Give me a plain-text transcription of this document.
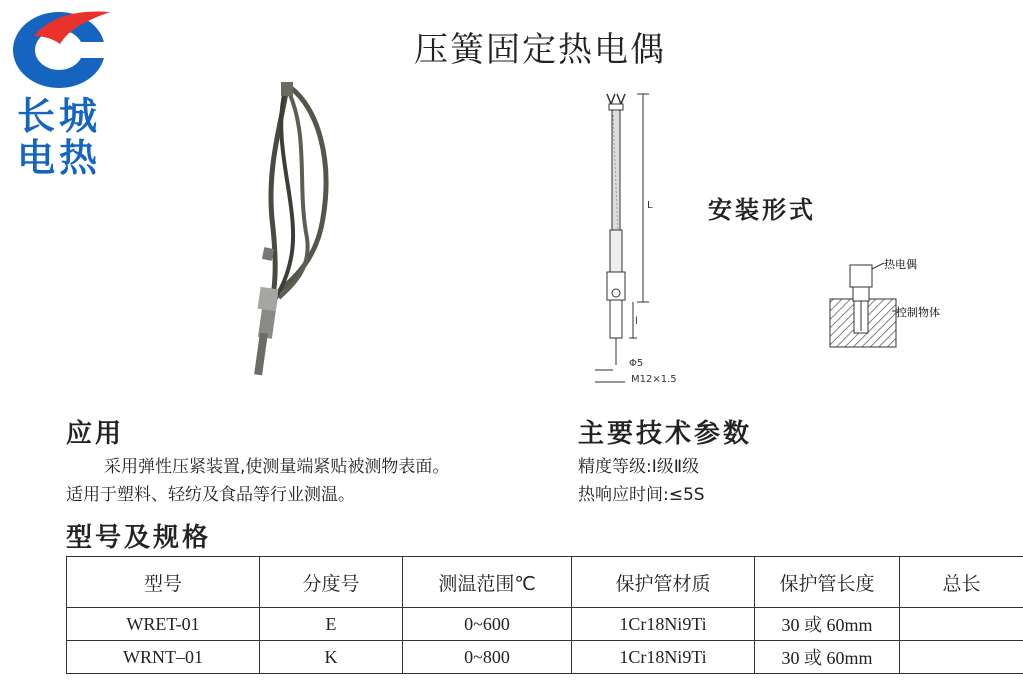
长城
电热
压簧固定热电偶
L
l
Φ5
M12×1.5
安装形式
热电偶
控制物体
应用
采用弹性压紧装置,使测量端紧贴被测物表面。
适用于塑料、轻纺及食品等行业测温。
主要技术参数
精度等级:Ⅰ级Ⅱ级
热响应时间:≤5S
型号及规格
型号	分度号	测温范围℃	保护管材质	保护管长度	总长
WRET-01	E	0~600	1Cr18Ni9Ti	30 或 60mm	
WRNT–01	K	0~800	1Cr18Ni9Ti	30 或 60mm	
